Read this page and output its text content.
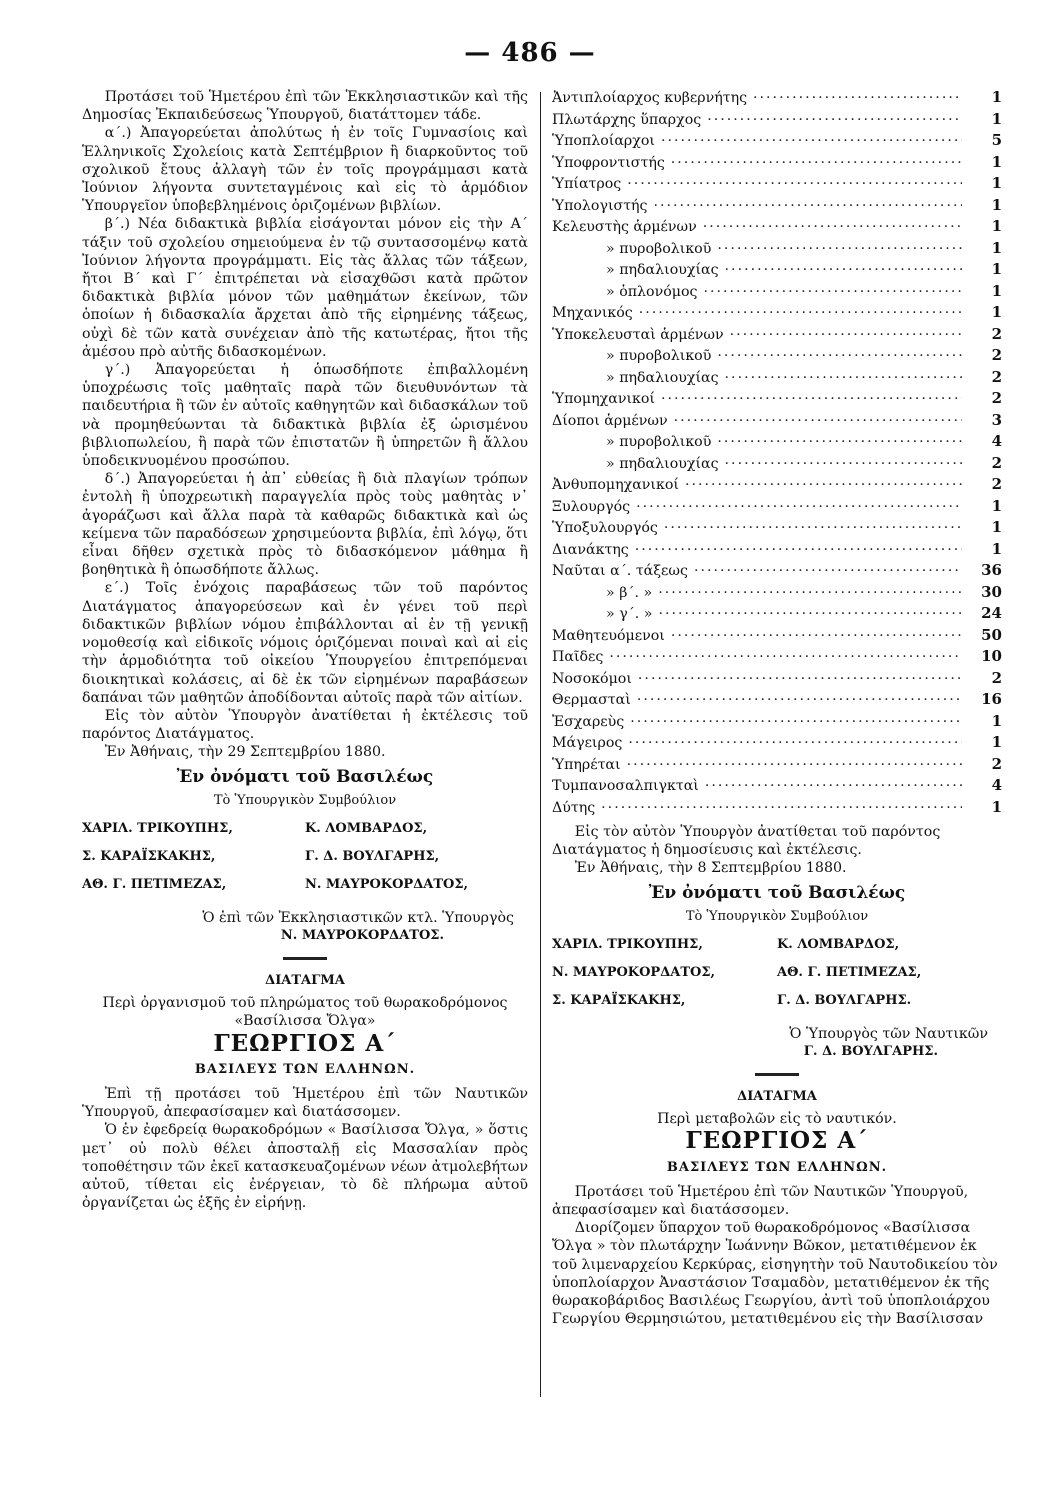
— 486 —

Προτάσει τοῦ Ἡμετέρου ἐπὶ τῶν Ἐκκλησιαστικῶν καὶ τῆς Δημοσίας Ἐκπαιδεύσεως Ὑπουργοῦ, διατάττομεν τάδε.

α΄.) Ἀπαγορεύεται ἀπολύτως ἡ ἐν τοῖς Γυμνασίοις καὶ Ἑλληνικοῖς Σχολείοις κατὰ Σεπτέμβριον ἢ διαρκοῦντος τοῦ σχολικοῦ ἔτους ἀλλαγὴ τῶν ἐν τοῖς προγράμμασι κατὰ Ἰούνιον λήγοντα συντεταγμένοις καὶ εἰς τὸ ἁρμόδιον Ὑπουργεῖον ὑποβεβλημένοις ὁριζομένων βιβλίων.

β΄.) Νέα διδακτικὰ βιβλία εἰσάγονται μόνον εἰς τὴν Α΄ τάξιν τοῦ σχολείου σημειούμενα ἐν τῷ συντασσομένῳ κατὰ Ἰούνιον λήγοντα προγράμματι. Εἰς τὰς ἄλλας τῶν τάξεων, ἤτοι Β΄ καὶ Γ΄ ἐπιτρέπεται νὰ εἰσαχθῶσι κατὰ πρῶτον διδακτικὰ βιβλία μόνον τῶν μαθημάτων ἐκείνων, τῶν ὁποίων ἡ διδασκαλία ἄρχεται ἀπὸ τῆς εἰρημένης τάξεως, οὐχὶ δὲ τῶν κατὰ συνέχειαν ἀπὸ τῆς κατωτέρας, ἤτοι τῆς ἀμέσου πρὸ αὐτῆς διδασκομένων.

γ΄.) Ἀπαγορεύεται ἡ ὁπωσδήποτε ἐπιβαλλομένη ὑποχρέωσις τοῖς μαθηταῖς παρὰ τῶν διευθυνόντων τὰ παιδευτήρια ἢ τῶν ἐν αὐτοῖς καθηγητῶν καὶ διδασκάλων τοῦ νὰ προμηθεύωνται τὰ διδακτικὰ βιβλία ἐξ ὡρισμένου βιβλιοπωλείου, ἢ παρὰ τῶν ἐπιστατῶν ἢ ὑπηρετῶν ἢ ἄλλου ὑποδεικνυομένου προσώπου.

δ΄.) Ἀπαγορεύεται ἡ ἀπ᾽ εὐθείας ἢ διὰ πλαγίων τρόπων ἐντολὴ ἢ ὑποχρεωτικὴ παραγγελία πρὸς τοὺς μαθητὰς ν᾽ ἀγοράζωσι καὶ ἄλλα παρὰ τὰ καθαρῶς διδακτικὰ καὶ ὡς κείμενα τῶν παραδόσεων χρησιμεύοντα βιβλία, ἐπὶ λόγῳ, ὅτι εἶναι δῆθεν σχετικὰ πρὸς τὸ διδασκόμενον μάθημα ἢ βοηθητικὰ ἢ ὁπωσδήποτε ἄλλως.

ε΄.) Τοῖς ἐνόχοις παραβάσεως τῶν τοῦ παρόντος Διατάγματος ἀπαγορεύσεων καὶ ἐν γένει τοῦ περὶ διδακτικῶν βιβλίων νόμου ἐπιβάλλονται αἱ ἐν τῇ γενικῇ νομοθεσίᾳ καὶ εἰδικοῖς νόμοις ὁριζόμεναι ποιναὶ καὶ αἱ εἰς τὴν ἁρμοδιότητα τοῦ οἰκείου Ὑπουργείου ἐπιτρεπόμεναι διοικητικαὶ κολάσεις, αἱ δὲ ἐκ τῶν εἰρημένων παραβάσεων δαπάναι τῶν μαθητῶν ἀποδίδονται αὐτοῖς παρὰ τῶν αἰτίων.

Εἰς τὸν αὐτὸν Ὑπουργὸν ἀνατίθεται ἡ ἐκτέλεσις τοῦ παρόντος Διατάγματος.

Ἐν Ἀθήναις, τὴν 29 Σεπτεμβρίου 1880.

Ἐν ὀνόματι τοῦ Βασιλέως

Τὸ Ὑπουργικὸν Συμβούλιον

ΧΑΡΙΛ. ΤΡΙΚΟΥΠΗΣ,	Κ. ΛΟΜΒΑΡΔΟΣ,
Σ. ΚΑΡΑΪΣΚΑΚΗΣ,	Γ. Δ. ΒΟΥΛΓΑΡΗΣ,
ΑΘ. Γ. ΠΕΤΙΜΕΖΑΣ,	Ν. ΜΑΥΡΟΚΟΡΔΑΤΟΣ,

Ὁ ἐπὶ τῶν Ἐκκλησιαστικῶν κτλ. Ὑπουργὸς

Ν. ΜΑΥΡΟΚΟΡΔΑΤΟΣ.

ΔΙΑΤΑΓΜΑ

Περὶ ὀργανισμοῦ τοῦ πληρώματος τοῦ θωρακοδρόμονος «Βασίλισσα Ὄλγα»

ΓΕΩΡΓΙΟΣ Α΄

ΒΑΣΙΛΕΥΣ ΤΩΝ ΕΛΛΗΝΩΝ.

Ἐπὶ τῇ προτάσει τοῦ Ἡμετέρου ἐπὶ τῶν Ναυτικῶν Ὑπουργοῦ, ἀπεφασίσαμεν καὶ διατάσσομεν.

Ὁ ἐν ἐφεδρείᾳ θωρακοδρόμων « Βασίλισσα Ὄλγα, » ὅστις μετ᾽ οὐ πολὺ θέλει ἀποσταλῇ εἰς Μασσαλίαν πρὸς τοποθέτησιν τῶν ἐκεῖ κατασκευαζομένων νέων ἀτμολεβήτων αὐτοῦ, τίθεται εἰς ἐνέργειαν, τὸ δὲ πλήρωμα αὐτοῦ ὀργανίζεται ὡς ἑξῆς ἐν εἰρήνῃ.

Ἀντιπλοίαρχος κυβερνήτης ·····	1
Πλωτάρχης ὕπαρχος ·····	1
Ὑποπλοίαρχοι ·····	5
Ὑποφροντιστής ·····	1
Ὑπίατρος ·····	1
Ὑπολογιστής ·····	1
Κελευστὴς ἁρμένων ·····	1
» πυροβολικοῦ ·····	1
» πηδαλιουχίας ·····	1
» ὁπλονόμος ·····	1
Μηχανικός ·····	1
Ὑποκελευσταὶ ἁρμένων ·····	2
» πυροβολικοῦ ·····	2
» πηδαλιουχίας ·····	2
Ὑπομηχανικοί ·····	2
Δίοποι ἁρμένων ·····	3
» πυροβολικοῦ ·····	4
» πηδαλιουχίας ·····	2
Ἀνθυπομηχανικοί ·····	2
Ξυλουργός ·····	1
Ὑποξυλουργός ·····	1
Διανάκτης ·····	1
Ναῦται α΄. τάξεως ·····	36
» β΄. » ·····	30
» γ΄. » ·····	24
Μαθητευόμενοι ·····	50
Παῖδες ·····	10
Νοσοκόμοι ·····	2
Θερμασταὶ ·····	16
Ἐσχαρεὺς ·····	1
Μάγειρος ·····	1
Ὑπηρέται ·····	2
Τυμπανοσαλπιγκταὶ ·····	4
Δύτης ·····	1

Εἰς τὸν αὐτὸν Ὑπουργὸν ἀνατίθεται τοῦ παρόντος Διατάγματος ἡ δημοσίευσις καὶ ἐκτέλεσις.

Ἐν Ἀθήναις, τὴν 8 Σεπτεμβρίου 1880.

Ἐν ὀνόματι τοῦ Βασιλέως

Τὸ Ὑπουργικὸν Συμβούλιον

ΧΑΡΙΛ. ΤΡΙΚΟΥΠΗΣ,	Κ. ΛΟΜΒΑΡΔΟΣ,
Ν. ΜΑΥΡΟΚΟΡΔΑΤΟΣ,	ΑΘ. Γ. ΠΕΤΙΜΕΖΑΣ,
Σ. ΚΑΡΑΪΣΚΑΚΗΣ,	Γ. Δ. ΒΟΥΛΓΑΡΗΣ.

Ὁ Ὑπουργὸς τῶν Ναυτικῶν

Γ. Δ. ΒΟΥΛΓΑΡΗΣ.

ΔΙΑΤΑΓΜΑ

Περὶ μεταβολῶν εἰς τὸ ναυτικόν.

ΓΕΩΡΓΙΟΣ Α΄

ΒΑΣΙΛΕΥΣ ΤΩΝ ΕΛΛΗΝΩΝ.

Προτάσει τοῦ Ἡμετέρου ἐπὶ τῶν Ναυτικῶν Ὑπουργοῦ, ἀπεφασίσαμεν καὶ διατάσσομεν.

Διορίζομεν ὕπαρχον τοῦ θωρακοδρόμονος «Βασίλισσα Ὄλγα » τὸν πλωτάρχην Ἰωάννην Βῶκον, μετατιθέμενον ἐκ τοῦ λιμεναρχείου Κερκύρας, εἰσηγητὴν τοῦ Ναυτοδικείου τὸν ὑποπλοίαρχον Ἀναστάσιον Τσαμαδὸν, μετατιθέμενον ἐκ τῆς θωρακοβάριδος Βασιλέως Γεωργίου, ἀντὶ τοῦ ὑποπλοιάρχου Γεωργίου Θερμησιώτου, μετατιθεμένου εἰς τὴν Βασίλισσαν
